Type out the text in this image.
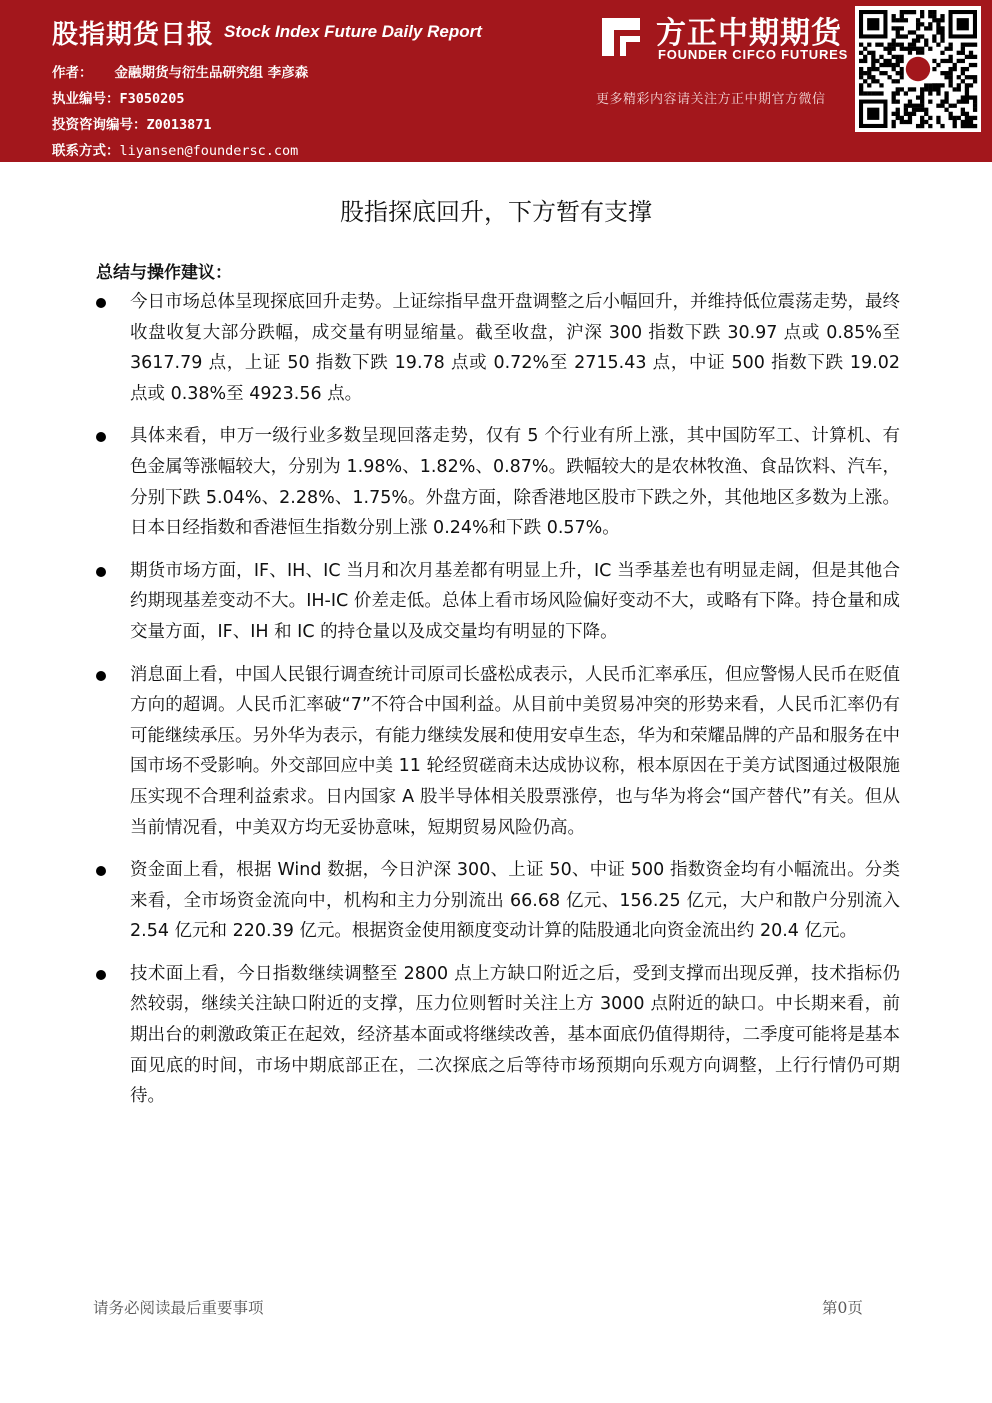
股指期货日报 Stock Index Future Daily Report
作者： 金融期货与衍生品研究组 李彦森
执业编号：F3050205
投资咨询编号：Z0013871
联系方式：liyansen@foundersc.com
方正中期期货
FOUNDER CIFCO FUTURES
更多精彩内容请关注方正中期官方微信
股指探底回升，下方暂有支撑
总结与操作建议：
今日市场总体呈现探底回升走势。上证综指早盘开盘调整之后小幅回升，并维持低位震荡走势，最终收盘收复大部分跌幅，成交量有明显缩量。截至收盘，沪深 300 指数下跌 30.97 点或 0.85%至 3617.79 点，上证 50 指数下跌 19.78 点或 0.72%至 2715.43 点，中证 500 指数下跌 19.02 点或 0.38%至 4923.56 点。
具体来看，申万一级行业多数呈现回落走势，仅有 5 个行业有所上涨，其中国防军工、计算机、有色金属等涨幅较大，分别为 1.98%、1.82%、0.87%。跌幅较大的是农林牧渔、食品饮料、汽车，分别下跌 5.04%、2.28%、1.75%。外盘方面，除香港地区股市下跌之外，其他地区多数为上涨。日本日经指数和香港恒生指数分别上涨 0.24%和下跌 0.57%。
期货市场方面，IF、IH、IC 当月和次月基差都有明显上升，IC 当季基差也有明显走阔，但是其他合约期现基差变动不大。IH-IC 价差走低。总体上看市场风险偏好变动不大，或略有下降。持仓量和成交量方面，IF、IH 和 IC 的持仓量以及成交量均有明显的下降。
消息面上看，中国人民银行调查统计司原司长盛松成表示，人民币汇率承压，但应警惕人民币在贬值方向的超调。人民币汇率破“7”不符合中国利益。从目前中美贸易冲突的形势来看，人民币汇率仍有可能继续承压。另外华为表示，有能力继续发展和使用安卓生态，华为和荣耀品牌的产品和服务在中国市场不受影响。外交部回应中美 11 轮经贸磋商未达成协议称，根本原因在于美方试图通过极限施压实现不合理利益索求。日内国家 A 股半导体相关股票涨停，也与华为将会“国产替代”有关。但从当前情况看，中美双方均无妥协意味，短期贸易风险仍高。
资金面上看，根据 Wind 数据，今日沪深 300、上证 50、中证 500 指数资金均有小幅流出。分类来看，全市场资金流向中，机构和主力分别流出 66.68 亿元、156.25 亿元，大户和散户分别流入 2.54 亿元和 220.39 亿元。根据资金使用额度变动计算的陆股通北向资金流出约 20.4 亿元。
技术面上看，今日指数继续调整至 2800 点上方缺口附近之后，受到支撑而出现反弹，技术指标仍然较弱，继续关注缺口附近的支撑，压力位则暂时关注上方 3000 点附近的缺口。中长期来看，前期出台的刺激政策正在起效，经济基本面或将继续改善，基本面底仍值得期待，二季度可能将是基本面见底的时间，市场中期底部正在，二次探底之后等待市场预期向乐观方向调整，上行行情仍可期待。
请务必阅读最后重要事项	第0页
